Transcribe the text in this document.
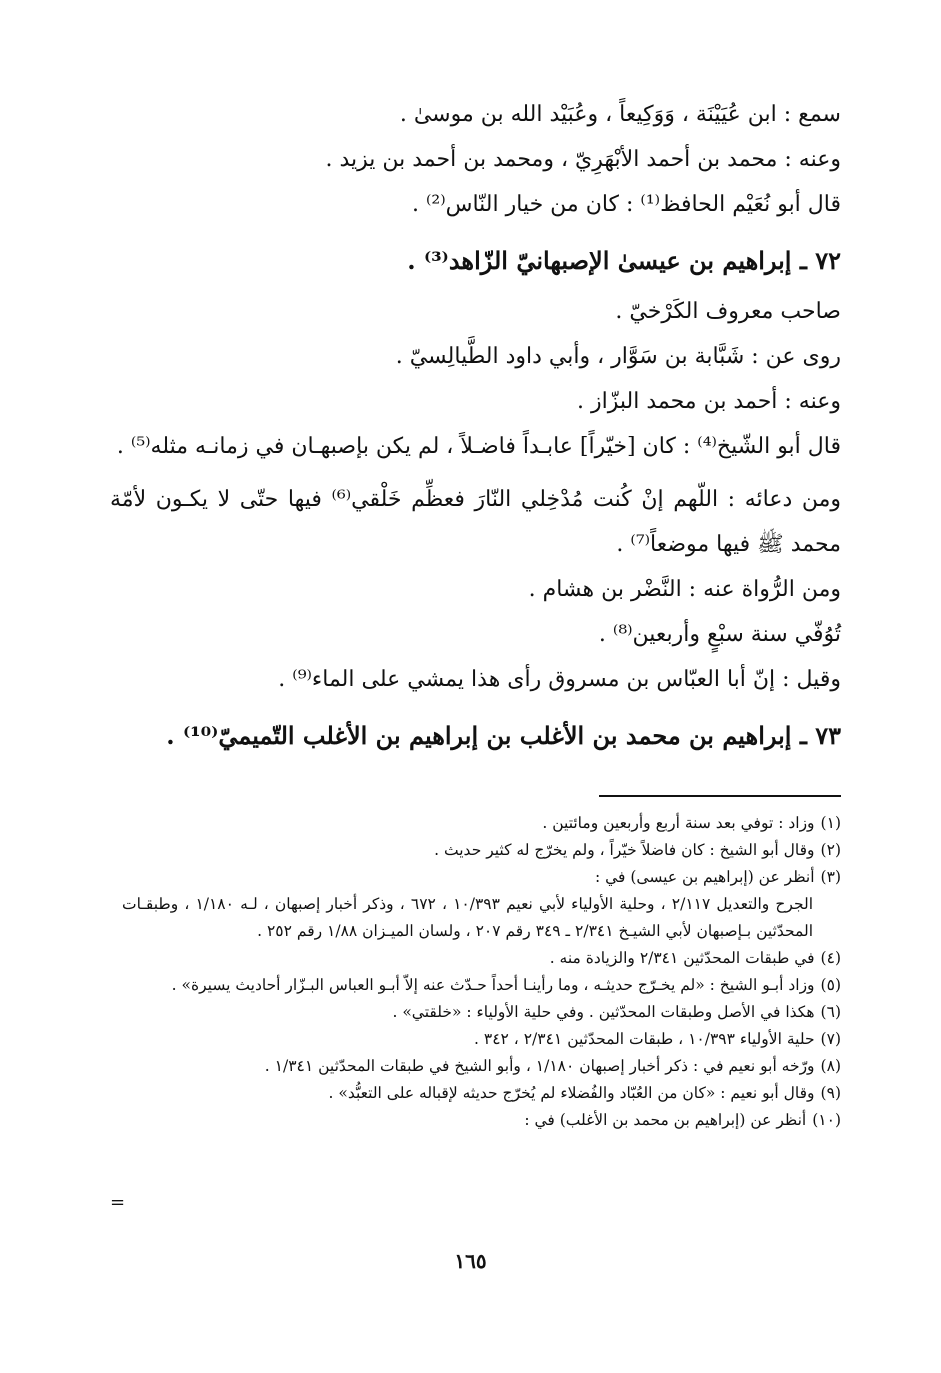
سمع : ابن عُيَيْنَة ، وَوَكِيعاً ، وعُبَيْد الله بن موسىٰ .
وعنه : محمد بن أحمد الأبْهَرِيّ ، ومحمد بن أحمد بن يزيد .
قال أبو نُعَيْم الحافظ⁽¹⁾ : كان من خيار النّاس⁽²⁾ .
٧٢ ـ إبراهيم بن عيسىٰ الإصبهانيّ الزّاهد⁽³⁾ .
صاحب معروف الكَرْخيّ .
روى عن : شَبَّابة بن سَوَّار ، وأبي داود الطَّيالِسيّ .
وعنه : أحمد بن محمد البزّاز .
قال أبو الشّيخ⁽⁴⁾ : كان [خيّراً] عابـداً فاضـلاً ، لم يكن بإصبهـان في زمانـه مثله⁽⁵⁾ .
ومن دعائه : اللّهم إنْ كُنت مُدْخِلي النّارَ فعظِّم خَلْقي⁽⁶⁾ فيها حتّى لا يكـون لأمّة محمد ﷺ فيها موضعاً⁽⁷⁾ .
ومن الرُّواة عنه : النَّضْر بن هشام .
تُوُفّي سنة سبْعٍ وأربعين⁽⁸⁾ .
وقيل : إنّ أبا العبّاس بن مسروق رأى هذا يمشي على الماء⁽⁹⁾ .
٧٣ ـ إبراهيم بن محمد بن الأغلب بن إبراهيم بن الأغلب التّميميّ⁽¹⁰⁾ .
(١)
وزاد : توفي بعد سنة أربع وأربعين ومائتين .
(٢)
وقال أبو الشيخ : كان فاضلاً خيّراً ، ولم يخرّج له كثير حديث .
(٣)
أنظر عن (إبراهيم بن عيسى) في :
الجرح والتعديل ٢/١١٧ ، وحلية الأولياء لأبي نعيم ١٠/٣٩٣ ، ٦٧٢ ، وذكر أخبار إصبهان ، لـه ١/١٨٠ ، وطبقـات المحدّثين بـإصبهان لأبي الشيـخ ٢/٣٤١ ـ ٣٤٩ رقم ٢٠٧ ، ولسان الميـزان ١/٨٨ رقم ٢٥٢ .
(٤)
في طبقات المحدّثين ٢/٣٤١ والزيادة منه .
(٥)
وزاد أبـو الشيخ : «لم يخـرّج حديثـه ، وما رأينـا أحداً حـدّث عنه إلاّ أبـو العباس البـزّار أحاديث يسيرة» .
(٦)
هكذا في الأصل وطبقات المحدّثين . وفي حلية الأولياء : «خلقتي» .
(٧)
حلية الأولياء ١٠/٣٩٣ ، طبقات المحدّثين ٢/٣٤١ ، ٣٤٢ .
(٨)
ورّخه أبو نعيم في : ذكر أخبار إصبهان ١/١٨٠ ، وأبو الشيخ في طبقات المحدّثين ١/٣٤١ .
(٩)
وقال أبو نعيم : «كان من العُبّاد والفُضلاء لم يُخرّج حديثه لإقباله على التعبُّد» .
(١٠)
أنظر عن (إبراهيم بن محمد بن الأغلب) في :
=
١٦٥
